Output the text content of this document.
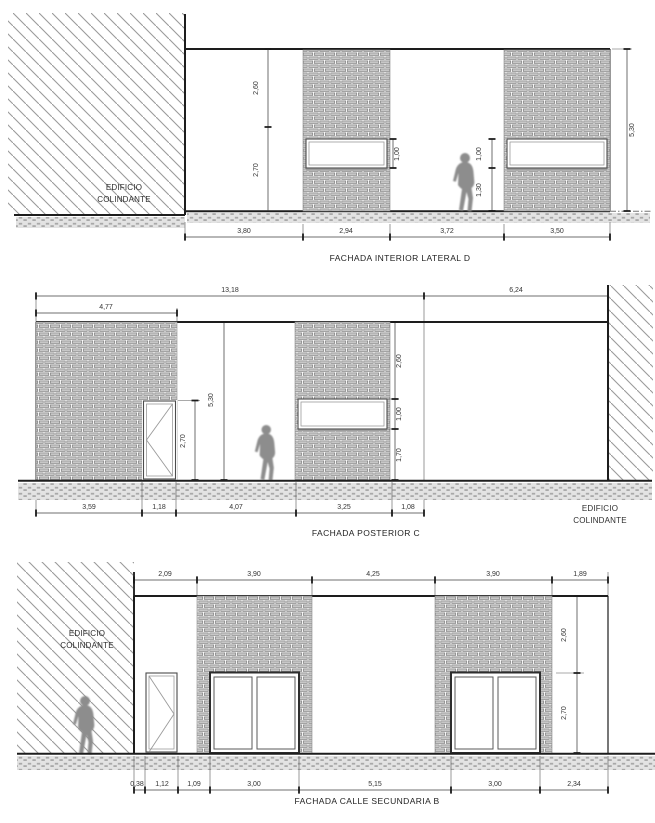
EDIFICIO
COLINDANTE
2,60
2,70
1,00	1,00
1,30
5,30
3,80	2,94	3,72	3,50
FACHADA INTERIOR LATERAL D
13,18	6,24
4,77
2,70
5,30
2,60
1,00
1,70
EDIFICIO
COLINDANTE
3,59	1,18	4,07	3,25	1,08
FACHADA POSTERIOR C
EDIFICIO
COLINDANTE
2,09	3,90	4,25	3,90	1,89
2,60
2,70
0,38 1,12	1,09	3,00	5,15	3,00	2,34
FACHADA CALLE SECUNDARIA B
